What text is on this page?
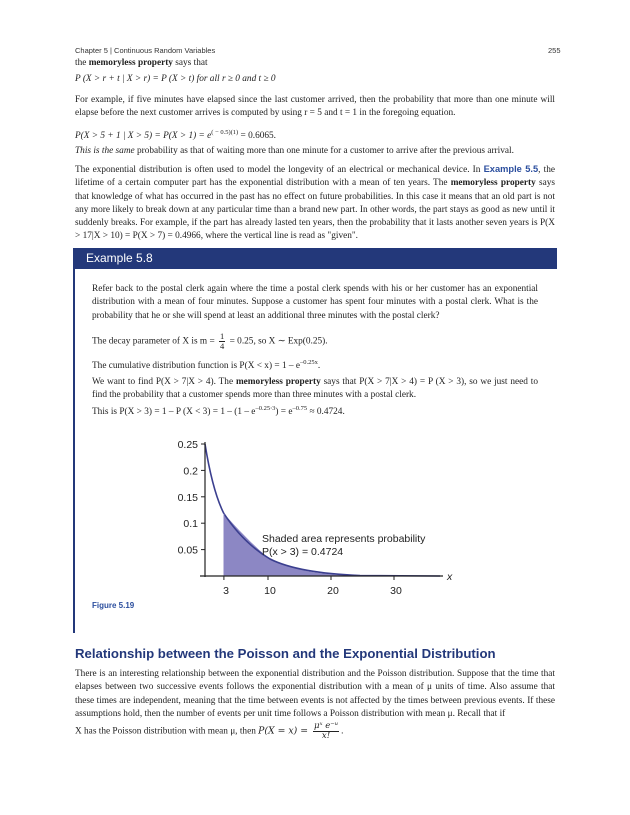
Chapter 5 | Continuous Random Variables	255
the memoryless property says that
P (X > r + t | X > r) = P (X > t) for all r ≥ 0 and t ≥ 0
For example, if five minutes have elapsed since the last customer arrived, then the probability that more than one minute will elapse before the next customer arrives is computed by using r = 5 and t = 1 in the foregoing equation.
P(X > 5 + 1 | $X > 5) = P(X > 1) = e^{( - 0.5)(1)} = 0.6065$.
This is the same probability as that of waiting more than one minute for a customer to arrive after the previous arrival.
The exponential distribution is often used to model the longevity of an electrical or mechanical device. In Example 5.5, the lifetime of a certain computer part has the exponential distribution with a mean of ten years. The memoryless property says that knowledge of what has occurred in the past has no effect on future probabilities. In this case it means that an old part is not any more likely to break down at any particular time than a brand new part. In other words, the part stays as good as new until it suddenly breaks. For example, if the part has already lasted ten years, then the probability that it lasts another seven years is P(X > 17|X > 10) = P(X > 7) = 0.4966, where the vertical line is read as "given".
Example 5.8
Refer back to the postal clerk again where the time a postal clerk spends with his or her customer has an exponential distribution with a mean of four minutes. Suppose a customer has spent four minutes with a postal clerk. What is the probability that he or she will spend at least an additional three minutes with the postal clerk?
The decay parameter of X is $m = \frac{1}{4} = 0.25$, so X ∼ Exp(0.25).
The cumulative distribution function is $P(X < x) = 1 - e^{-0.25x}$.
We want to find P(X > 7|X > 4). The memoryless property says that P(X > 7|X > 4) = P (X > 3), so we just need to find the probability that a customer spends more than three minutes with a postal clerk.
This is P(X > 3) = 1 – P $(X < 3) = 1 - (1 - e^{-0.25\cdot 3}) = e^{-0.75} \approx 0.4724$.
0.25
0.2
0.15
0.1
0.05
3	10	20	30
x
Shaded area represents probability
P(x > 3) = 0.4724
Figure 5.19
Relationship between the Poisson and the Exponential Distribution
There is an interesting relationship between the exponential distribution and the Poisson distribution. Suppose that the time that elapses between two successive events follows the exponential distribution with a mean of μ units of time. Also assume that these times are independent, meaning that the time between events is not affected by the times between previous events. If these assumptions hold, then the number of events per unit time follows a Poisson distribution with mean μ. Recall that if
X has the Poisson distribution with mean μ, then $P(X = x) = \frac{\text{μˣ e⁻ᵘ}}{x!}$ .
